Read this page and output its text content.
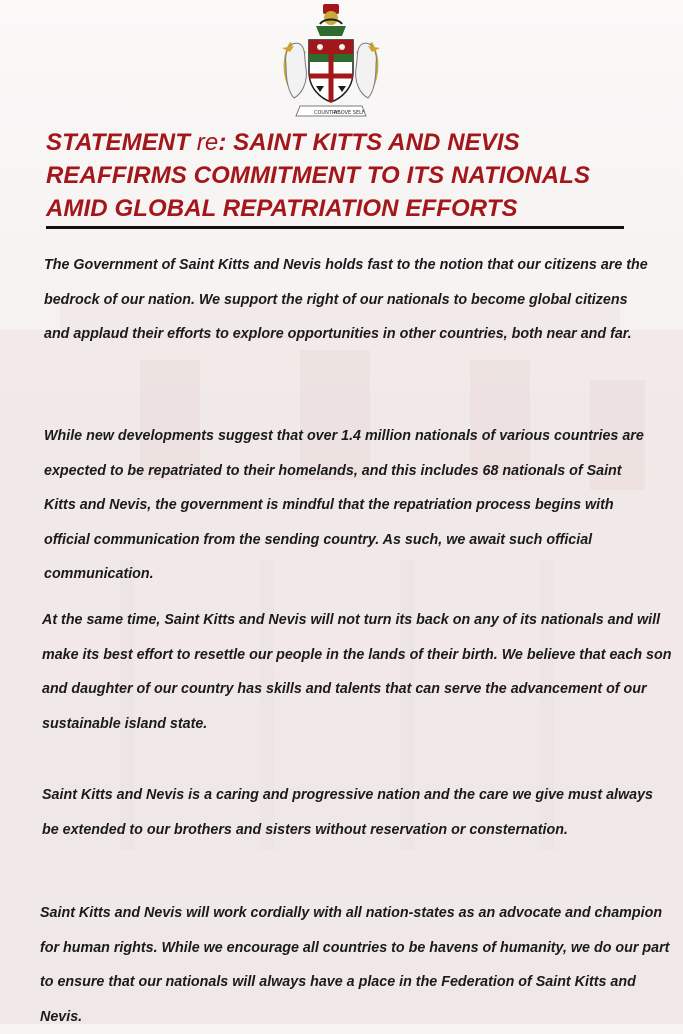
COUNTRY
ABOVE SELF
STATEMENT re: SAINT KITTS AND NEVIS REAFFIRMS COMMITMENT TO ITS NATIONALS AMID GLOBAL REPATRIATION EFFORTS

The Government of Saint Kitts and Nevis holds fast to the notion that our citizens are the bedrock of our nation. We support the right of our nationals to become global citizens and applaud their efforts to explore opportunities in other countries, both near and far.

While new developments suggest that over 1.4 million nationals of various countries are expected to be repatriated to their homelands, and this includes 68 nationals of Saint Kitts and Nevis, the government is mindful that the repatriation process begins with official communication from the sending country. As such, we await such official communication.

At the same time, Saint Kitts and Nevis will not turn its back on any of its nationals and will make its best effort to resettle our people in the lands of their birth. We believe that each son and daughter of our country has skills and talents that can serve the advancement of our sustainable island state.

Saint Kitts and Nevis is a caring and progressive nation and the care we give must always be extended to our brothers and sisters without reservation or consternation.

Saint Kitts and Nevis will work cordially with all nation-states as an advocate and champion for human rights. While we encourage all countries to be havens of humanity, we do our part to ensure that our nationals will always have a place in the Federation of Saint Kitts and Nevis.
